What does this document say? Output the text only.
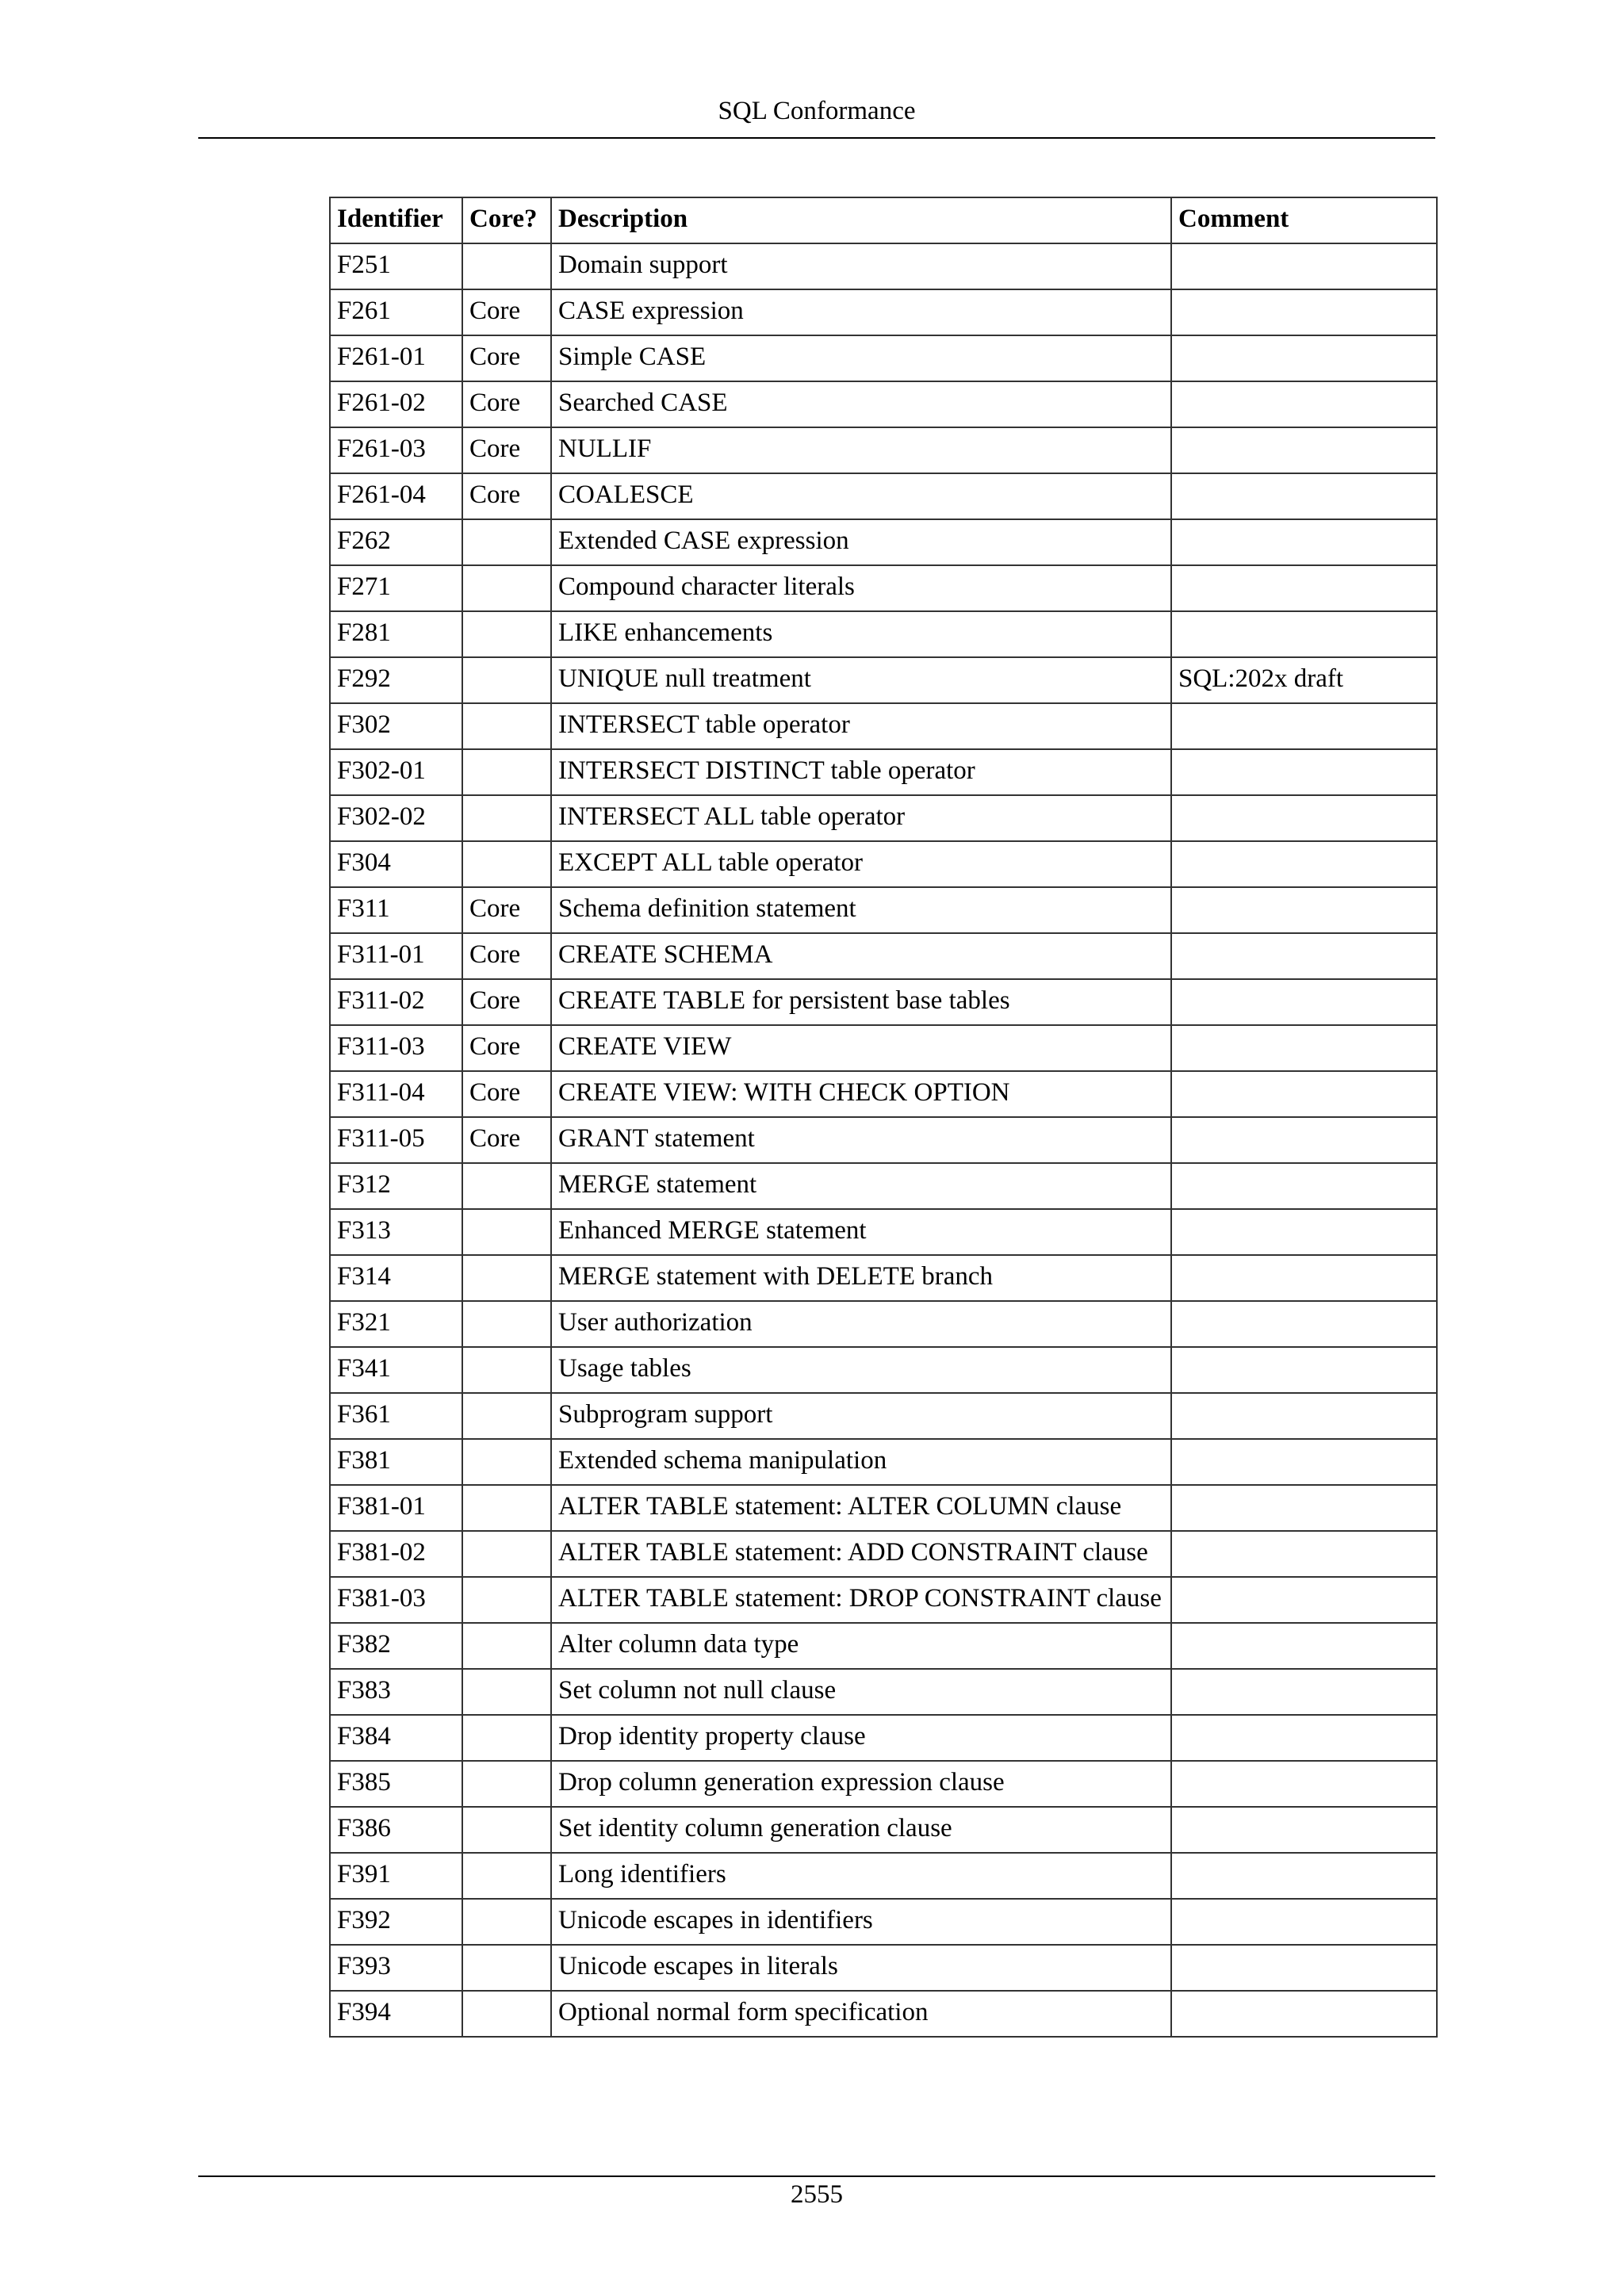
SQL Conformance
Identifier	Core?	Description	Comment
F251		Domain support	
F261	Core	CASE expression	
F261-01	Core	Simple CASE	
F261-02	Core	Searched CASE	
F261-03	Core	NULLIF	
F261-04	Core	COALESCE	
F262		Extended CASE expression	
F271		Compound character literals	
F281		LIKE enhancements	
F292		UNIQUE null treatment	SQL:202x draft
F302		INTERSECT table operator	
F302-01		INTERSECT DISTINCT table operator	
F302-02		INTERSECT ALL table operator	
F304		EXCEPT ALL table operator	
F311	Core	Schema definition statement	
F311-01	Core	CREATE SCHEMA	
F311-02	Core	CREATE TABLE for persistent base tables	
F311-03	Core	CREATE VIEW	
F311-04	Core	CREATE VIEW: WITH CHECK OPTION	
F311-05	Core	GRANT statement	
F312		MERGE statement	
F313		Enhanced MERGE statement	
F314		MERGE statement with DELETE branch	
F321		User authorization	
F341		Usage tables	
F361		Subprogram support	
F381		Extended schema manipulation	
F381-01		ALTER TABLE statement: ALTER COLUMN clause	
F381-02		ALTER TABLE statement: ADD CONSTRAINT clause	
F381-03		ALTER TABLE statement: DROP CONSTRAINT clause	
F382		Alter column data type	
F383		Set column not null clause	
F384		Drop identity property clause	
F385		Drop column generation expression clause	
F386		Set identity column generation clause	
F391		Long identifiers	
F392		Unicode escapes in identifiers	
F393		Unicode escapes in literals	
F394		Optional normal form specification	
2555
